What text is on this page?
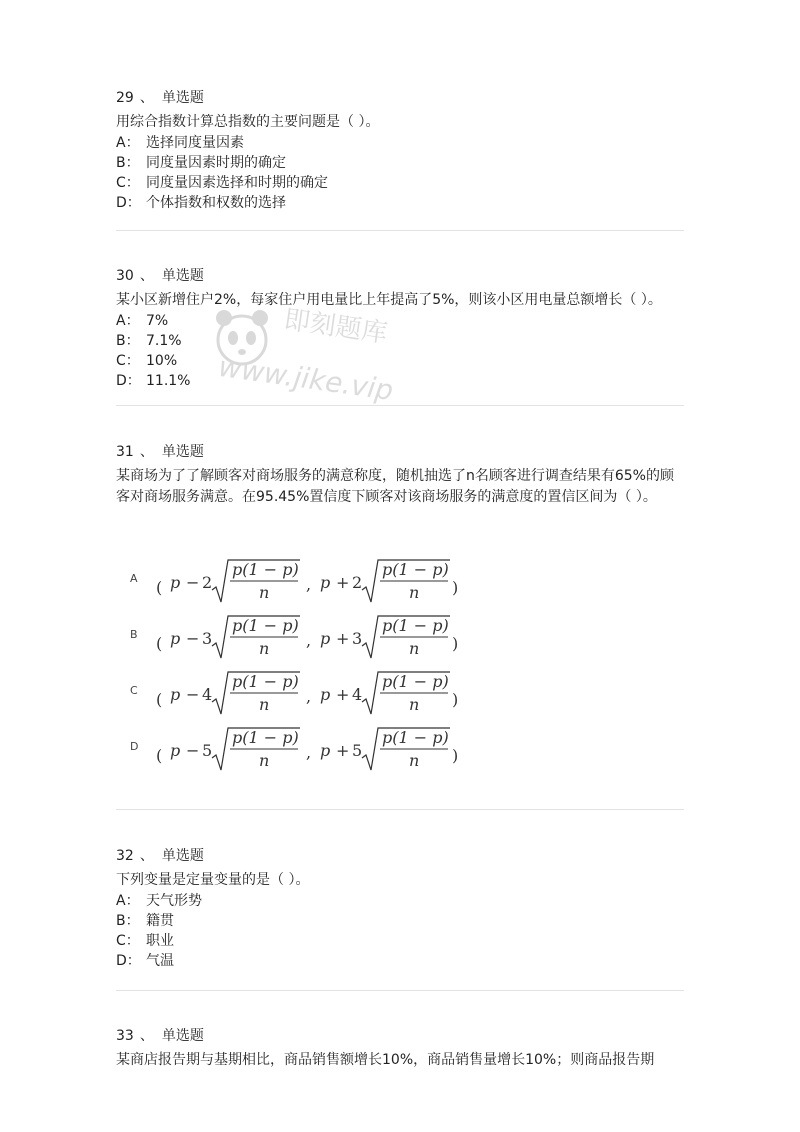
29 、 单选题
用综合指数计算总指数的主要问题是（ ）。
A： 选择同度量因素
B： 同度量因素时期的确定
C： 同度量因素选择和时期的确定
D： 个体指数和权数的选择
30 、 单选题
某小区新增住户2%，每家住户用电量比上年提高了5%，则该小区用电量总额增长（ ）。
A： 7%
B： 7.1%
C： 10%
D： 11.1%
即刻题库
www.jike.vip
31 、 单选题
某商场为了了解顾客对商场服务的满意称度，随机抽选了n名顾客进行调查结果有65%的顾客对商场服务满意。在95.45%置信度下顾客对该商场服务的满意度的置信区间为（ ）。
A ( p − 2
p(1 − p)
n , p + 2
p(1 − p)
n )
B ( p − 3
p(1 − p)
n , p + 3
p(1 − p)
n )
C ( p − 4
p(1 − p)
n , p + 4
p(1 − p)
n )
D ( p − 5
p(1 − p)
n , p + 5
p(1 − p)
n )
32 、 单选题
下列变量是定量变量的是（ ）。
A： 天气形势
B： 籍贯
C： 职业
D： 气温
33 、 单选题
某商店报告期与基期相比，商品销售额增长10%，商品销售量增长10%；则商品报告期
